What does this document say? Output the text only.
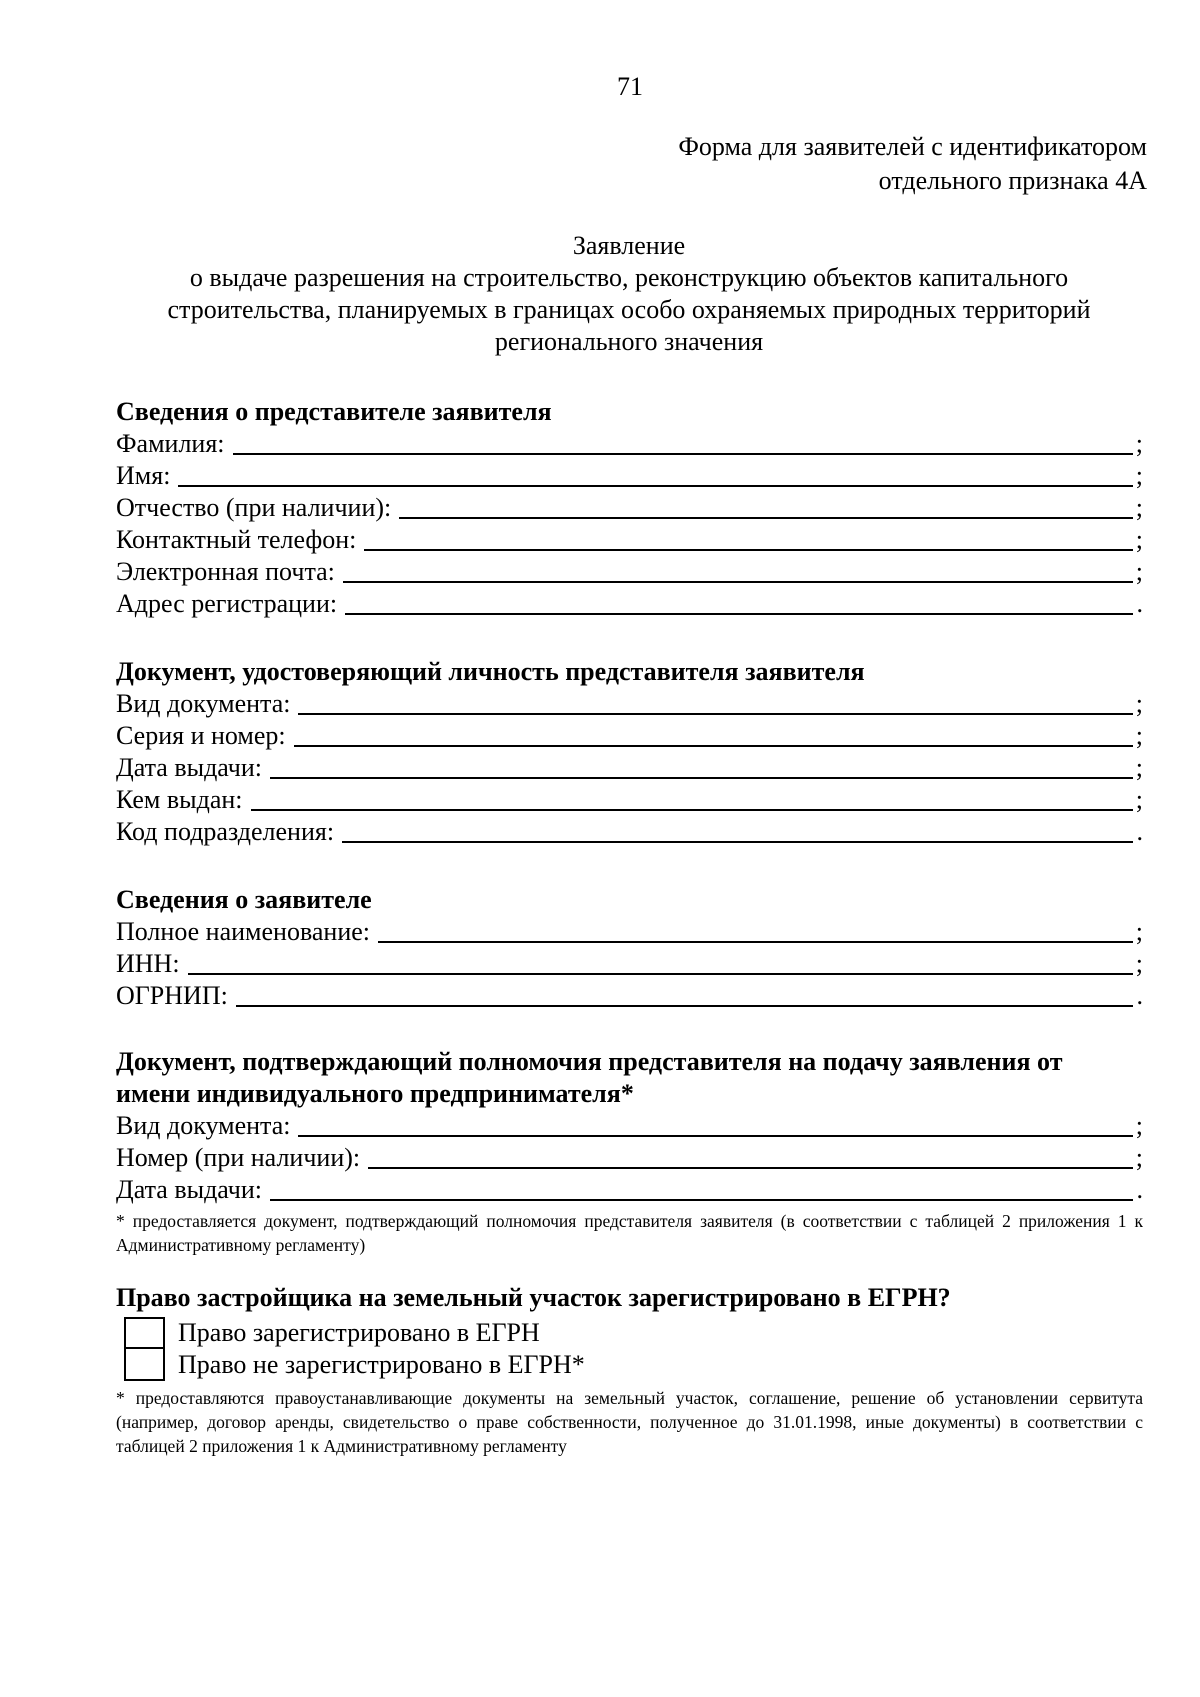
71
Форма для заявителей с идентификатором
отдельного признака 4А
Заявление
о выдаче разрешения на строительство, реконструкцию объектов капитального
строительства, планируемых в границах особо охраняемых природных территорий
регионального значения
Сведения о представителе заявителя
Фамилия:	;
Имя:	;
Отчество (при наличии):	;
Контактный телефон:	;
Электронная почта:	;
Адрес регистрации:	.
Документ, удостоверяющий личность представителя заявителя
Вид документа:	;
Серия и номер:	;
Дата выдачи:	;
Кем выдан:	;
Код подразделения:	.
Сведения о заявителе
Полное наименование:	;
ИНН:	;
ОГРНИП:	.
Документ, подтверждающий полномочия представителя на подачу заявления от
имени индивидуального предпринимателя*
Вид документа:	;
Номер (при наличии):	;
Дата выдачи:	.
* предоставляется документ, подтверждающий полномочия представителя заявителя (в соответствии с таблицей 2 приложения 1 к Административному регламенту)
Право застройщика на земельный участок зарегистрировано в ЕГРН?
Право зарегистрировано в ЕГРН
Право не зарегистрировано в ЕГРН*
* предоставляются правоустанавливающие документы на земельный участок, соглашение, решение об установлении сервитута (например, договор аренды, свидетельство о праве собственности, полученное до 31.01.1998, иные документы) в соответствии с таблицей 2 приложения 1 к Административному регламенту
